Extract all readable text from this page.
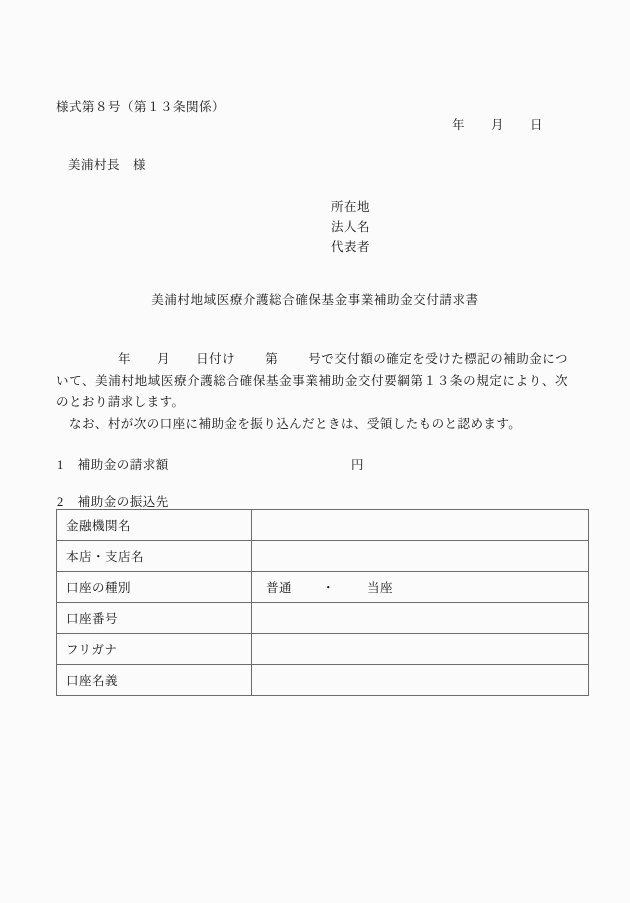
様式第８号（第１３条関係）
年 月 日
美浦村長 様
所在地
法人名
代表者
美浦村地域医療介護総合確保基金事業補助金交付請求書

年 月 日付け 第 号で交付額の確定を受けた標記の補助金について、美浦村地域医療介護総合確保基金事業補助金交付要綱第１３条の規定により、次のとおり請求します。

なお、村が次の口座に補助金を振り込んだときは、受領したものと認めます。

1 補助金の請求額	円
2 補助金の振込先
金融機関名	
本店・支店名	
口座の種別	普通 ・ 当座
口座番号	
フリガナ	
口座名義	
